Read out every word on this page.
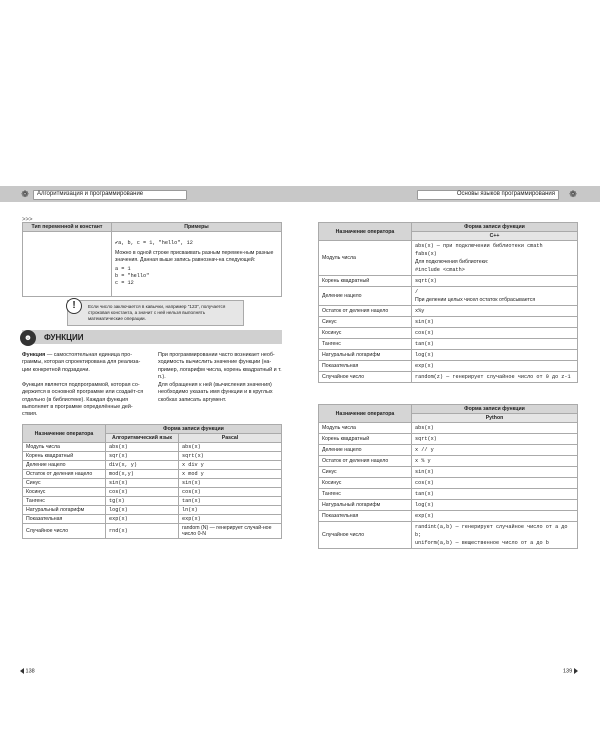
❁ Алгоритмизация и программирование	Основы языков программирования ❁
>>>
Тип переменной и констант	Примеры

	✔a, b, c = 1, "hello", 12
Можно в одной строке присваивать разным перемен-ным разные значения. Данная выше запись равнознач-на следующей:
a = 1
b = "hello"
c = 12
Если число заключается в кавычки, например "123", получается строковая константа, а значит с ней нельзя выполнять математические операции.
!
☻	ФУНКЦИИ
Функция — самостоятельная единица про-граммы, которая спроектирована для реализа-ции конкретной подзадачи.
Функция является подпрограммой, которая со-держится в основной программе или создаёт-ся отдельно (в библиотеке). Каждая функция выполняет в программе определённые дей-ствия.
При программировании часто возникает необ-ходимость вычислить значение функции (на-пример, логарифм числа, корень квадратный и т. п.).
Для обращения к ней (вычисления значения) необходимо указать имя функции и в круглых скобках записать аргумент.
Назначение оператора	Форма записи функции	
	Алгоритмический язык	Pascal
Модуль числа	abs(x)	abs(x)
Корень квадратный	sqr(x)	sqrt(x)
Деление нацело	div(x, y)	x div y
Остаток от деления нацело	mod(x,y)	x mod y
Синус	sin(x)	sin(x)
Косинус	cos(x)	cos(x)
Тангенс	tg(x)	tan(x)
Натуральный логарифм	log(x)	ln(x)
Показательная	exp(x)	exp(x)
Случайное число	rnd(x)	random (N) — генерирует случай-ное число 0-N
138
Назначение оператора	Форма записи функции
	C++
Модуль числа	abs(x) — при подключении библиотеки cmath
fabs(x)
Для подключения библиотеки:
#include <cmath>

Корень квадратный	sqrt(x)

Деление нацело	/
При делении целых чисел остаток отбрасывается

Остаток от деления нацело	x%y

Синус	sin(x)

Косинус	cos(x)

Тангенс	tan(x)

Натуральный логарифм	log(x)

Показательная	exp(x)

Случайное число	random(z) — генерирует случайное число от 0 до z-1
Назначение оператора	Форма записи функции
	Python
Модуль числа	abs(x)

Корень квадратный	sqrt(x)

Деление нацело	x // y

Остаток от деления нацело	x % y

Синус	sin(x)

Косинус	cos(x)

Тангенс	tan(x)

Натуральный логарифм	log(x)

Показательная	exp(x)

Случайное число	randint(a,b) — генерирует случайное число от a до b;
uniform(a,b) — вещественное число от a до b
139
